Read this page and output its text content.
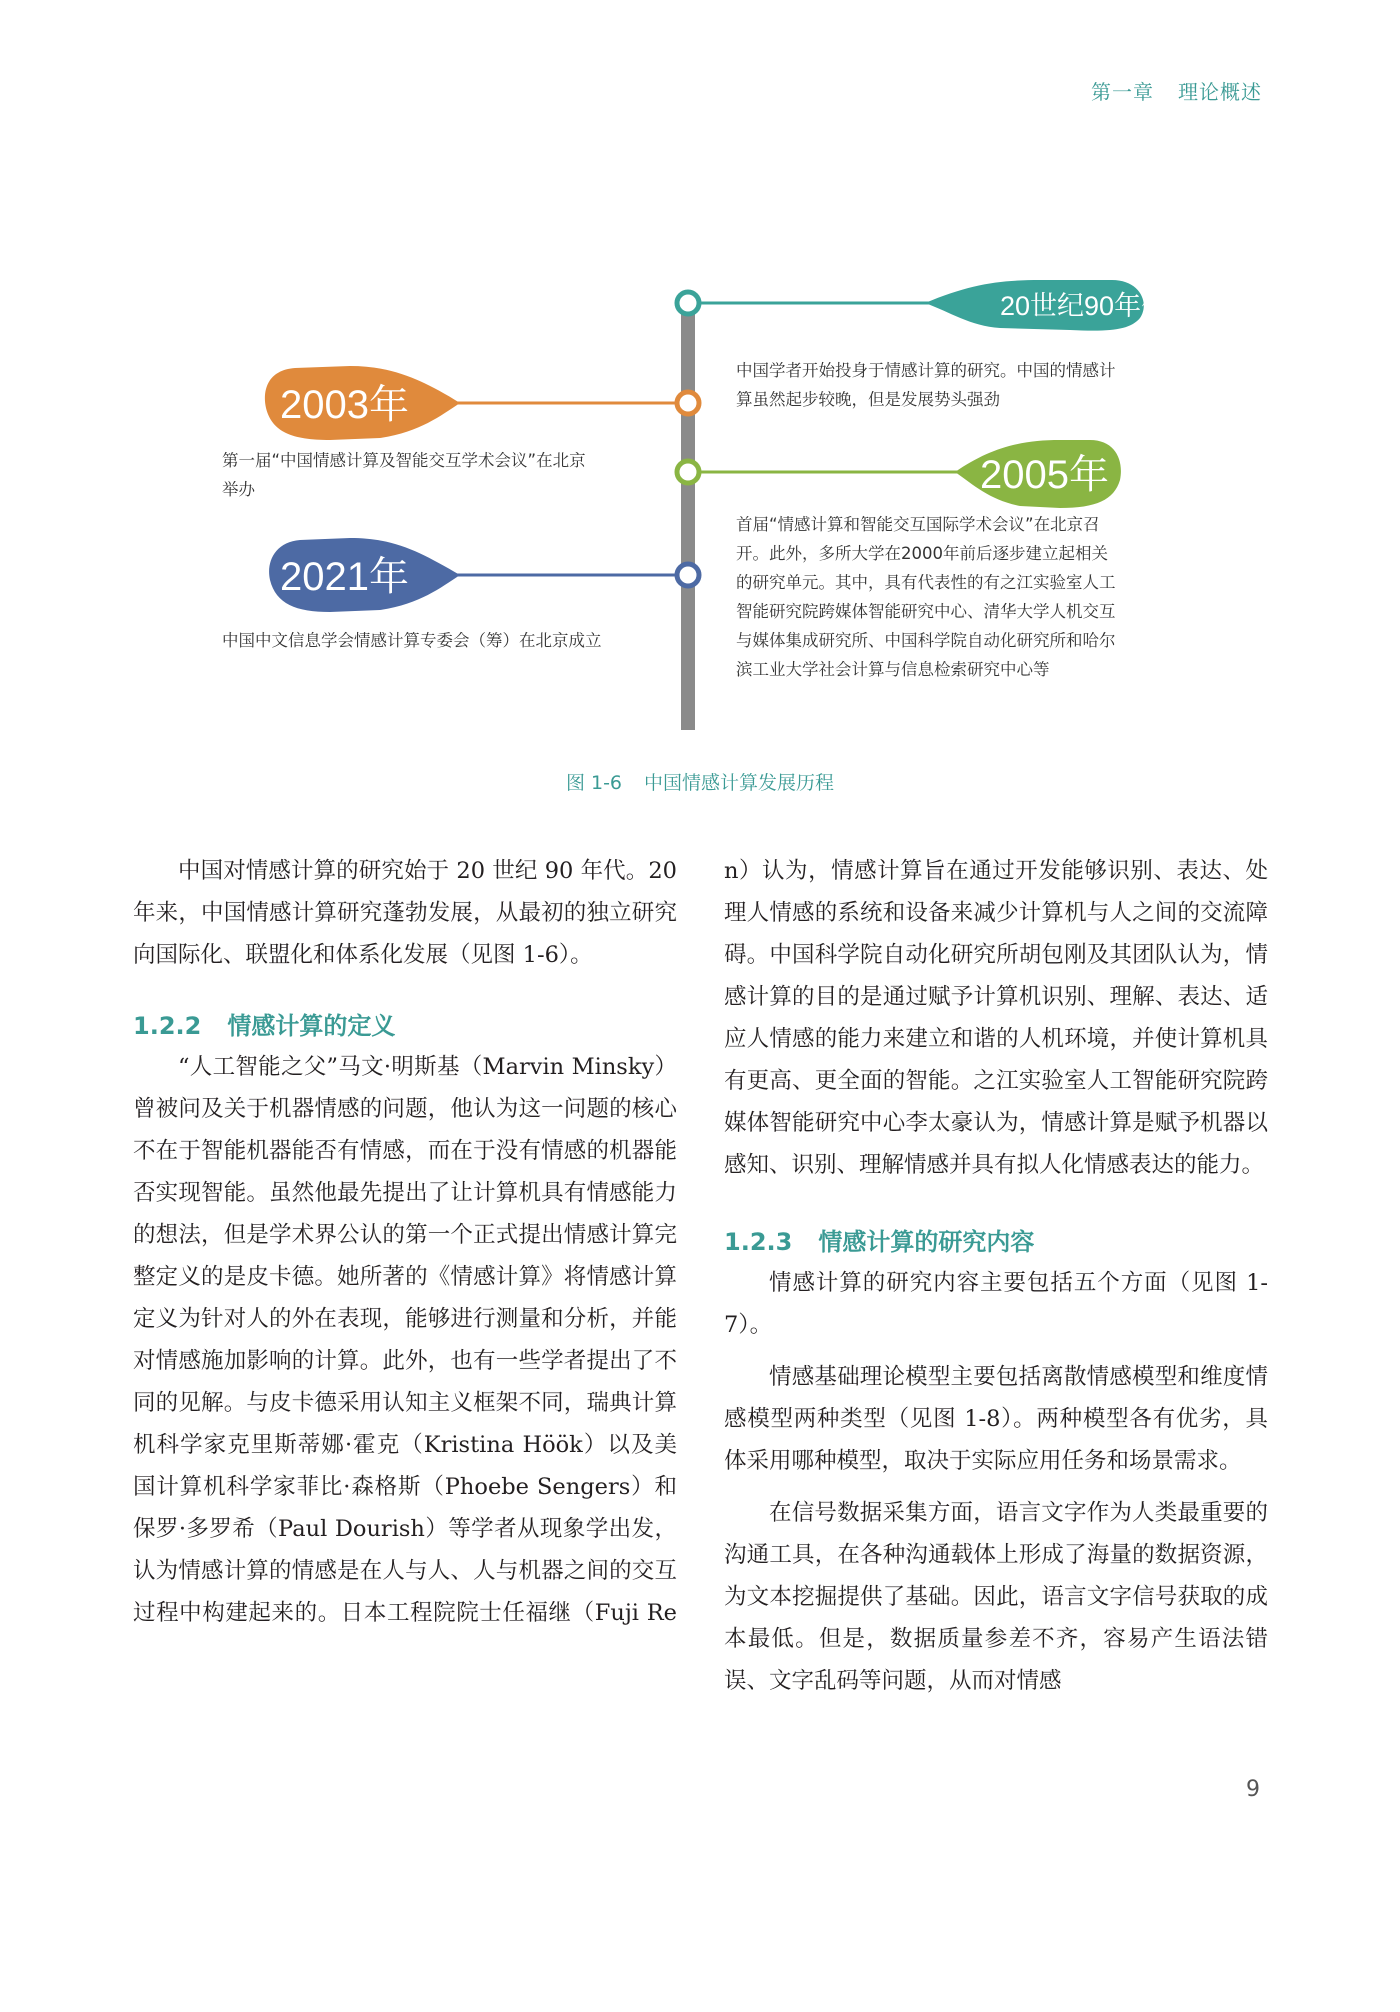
第一章 理论概述
20世纪90年代
2003年
2005年
2021年
中国学者开始投身于情感计算的研究。中国的情感计
算虽然起步较晚，但是发展势头强劲
第一届“中国情感计算及智能交互学术会议”在北京
举办
首届“情感计算和智能交互国际学术会议”在北京召
开。此外，多所大学在2000年前后逐步建立起相关
的研究单元。其中，具有代表性的有之江实验室人工
智能研究院跨媒体智能研究中心、清华大学人机交互
与媒体集成研究所、中国科学院自动化研究所和哈尔
滨工业大学社会计算与信息检索研究中心等
中国中文信息学会情感计算专委会（筹）在北京成立
图 1-6 中国情感计算发展历程

中国对情感计算的研究始于 20 世纪 90 年代。20 年来，中国情感计算研究蓬勃发展，从最初的独立研究向国际化、联盟化和体系化发展（见图 1-6）。

1.2.2 情感计算的定义

“人工智能之父”马文·明斯基（Marvin Minsky）曾被问及关于机器情感的问题，他认为这一问题的核心不在于智能机器能否有情感，而在于没有情感的机器能否实现智能。虽然他最先提出了让计算机具有情感能力的想法，但是学术界公认的第一个正式提出情感计算完整定义的是皮卡德。她所著的《情感计算》将情感计算定义为针对人的外在表现，能够进行测量和分析，并能对情感施加影响的计算。此外，也有一些学者提出了不同的见解。与皮卡德采用认知主义框架不同，瑞典计算机科学家克里斯蒂娜·霍克（Kristina Höök）以及美国计算机科学家菲比·森格斯（Phoebe Sengers）和保罗·多罗希（Paul Dourish）等学者从现象学出发，认为情感计算的情感是在人与人、人与机器之间的交互过程中构建起来的。日本工程院院士任福继（Fuji Re

n）认为，情感计算旨在通过开发能够识别、表达、处理人情感的系统和设备来减少计算机与人之间的交流障碍。中国科学院自动化研究所胡包刚及其团队认为，情感计算的目的是通过赋予计算机识别、理解、表达、适应人情感的能力来建立和谐的人机环境，并使计算机具有更高、更全面的智能。之江实验室人工智能研究院跨媒体智能研究中心李太豪认为，情感计算是赋予机器以感知、识别、理解情感并具有拟人化情感表达的能力。

1.2.3 情感计算的研究内容

情感计算的研究内容主要包括五个方面（见图 1-7）。

情感基础理论模型主要包括离散情感模型和维度情感模型两种类型（见图 1-8）。两种模型各有优劣，具体采用哪种模型，取决于实际应用任务和场景需求。

在信号数据采集方面，语言文字作为人类最重要的沟通工具，在各种沟通载体上形成了海量的数据资源，为文本挖掘提供了基础。因此，语言文字信号获取的成本最低。但是，数据质量参差不齐，容易产生语法错误、文字乱码等问题，从而对情感

9
